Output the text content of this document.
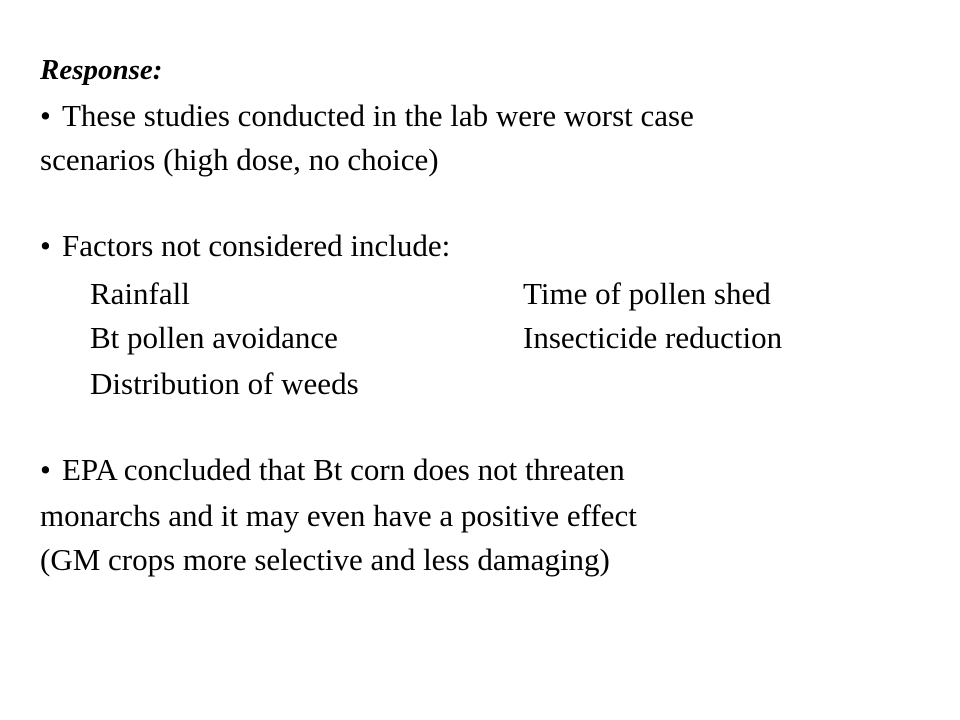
Response:
• These studies conducted in the lab were worst case
scenarios (high dose, no choice)
• Factors not considered include:
Rainfall	Time of pollen shed
Bt pollen avoidance	Insecticide reduction
Distribution of weeds
• EPA concluded that Bt corn does not threaten
monarchs and it may even have a positive effect
(GM crops more selective and less damaging)
